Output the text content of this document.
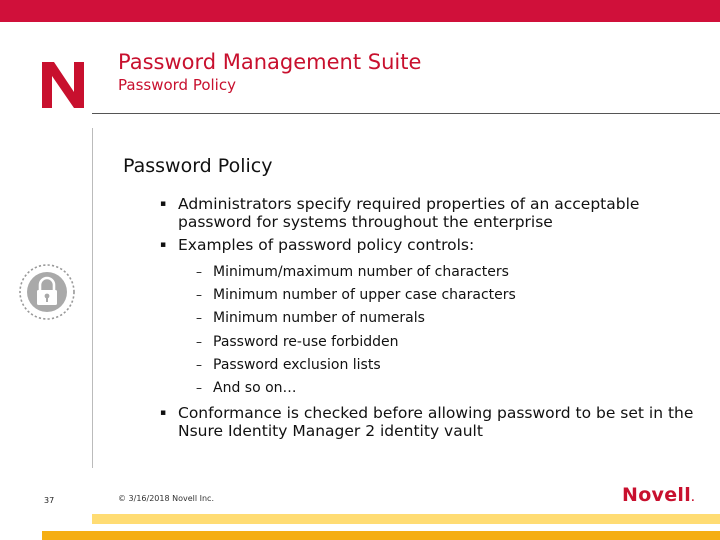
Password Management Suite
Password Policy
Password Policy
▪ Administrators specify required properties of an acceptable password for systems throughout the enterprise
▪ Examples of password policy controls:
– Minimum/maximum number of characters
– Minimum number of upper case characters
– Minimum number of numerals
– Password re-use forbidden
– Password exclusion lists
– And so on…
▪ Conformance is checked before allowing password to be set in the Nsure Identity Manager 2 identity vault
37	© 3/16/2018 Novell Inc.	Novell.
